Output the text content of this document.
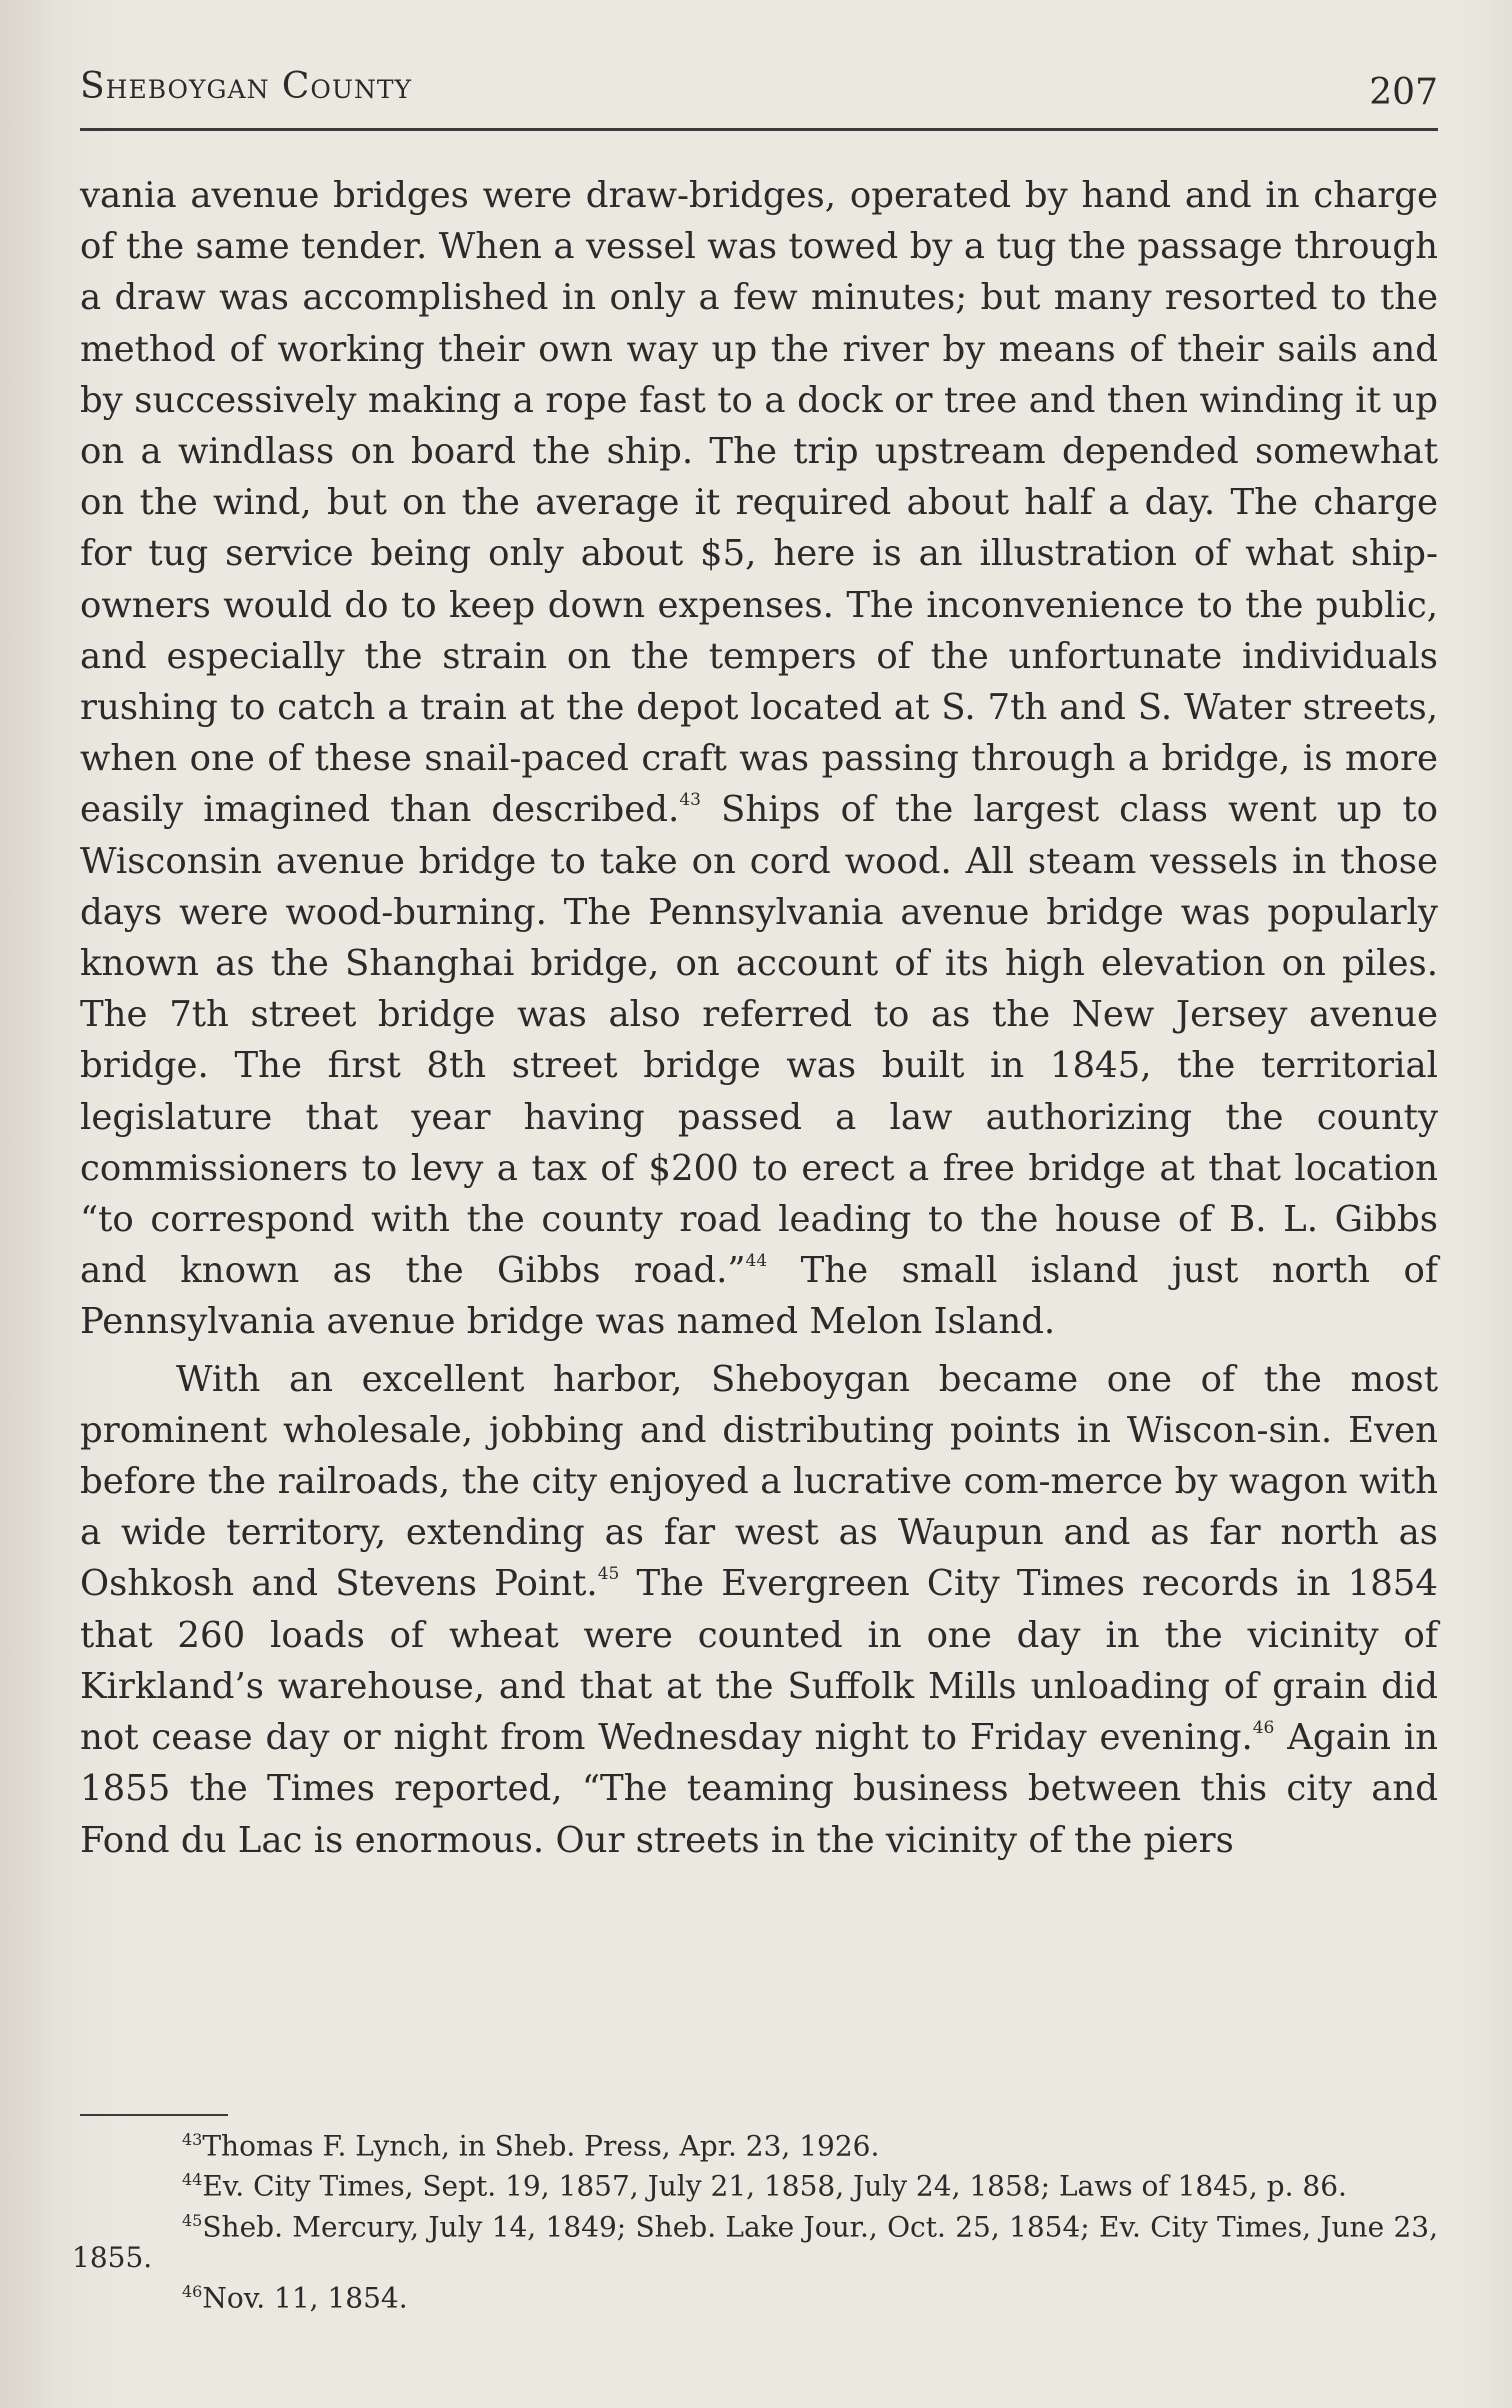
Sheboygan County	207

vania avenue bridges were draw-bridges, operated by hand and in charge of the same tender. When a vessel was towed by a tug the passage through a draw was accomplished in only a few minutes; but many resorted to the method of working their own way up the river by means of their sails and by successively making a rope fast to a dock or tree and then winding it up on a windlass on board the ship. The trip upstream depended somewhat on the wind, but on the average it required about half a day. The charge for tug service being only about $5, here is an illustration of what ship-owners would do to keep down expenses. The inconvenience to the public, and especially the strain on the tempers of the unfortunate individuals rushing to catch a train at the depot located at S. 7th and S. Water streets, when one of these snail-paced craft was passing through a bridge, is more easily imagined than described.$^{43}$ Ships of the largest class went up to Wisconsin avenue bridge to take on cord wood. All steam vessels in those days were wood-burning. The Pennsylvania avenue bridge was popularly known as the Shanghai bridge, on account of its high elevation on piles. The 7th street bridge was also referred to as the New Jersey avenue bridge. The first 8th street bridge was built in 1845, the territorial legislature that year having passed a law authorizing the county commissioners to levy a tax of $200 to erect a free bridge at that location “to correspond with the county road leading to the house of B. L. Gibbs and known as the Gibbs road.”$^{44}$ The small island just north of Pennsylvania avenue bridge was named Melon Island.

With an excellent harbor, Sheboygan became one of the most prominent wholesale, jobbing and distributing points in Wiscon-sin. Even before the railroads, the city enjoyed a lucrative com-merce by wagon with a wide territory, extending as far west as Waupun and as far north as Oshkosh and Stevens Point.$^{45}$ The Evergreen City Times records in 1854 that 260 loads of wheat were counted in one day in the vicinity of Kirkland’s warehouse, and that at the Suffolk Mills unloading of grain did not cease day or night from Wednesday night to Friday evening.$^{46}$ Again in 1855 the Times reported, “The teaming business between this city and Fond du Lac is enormous. Our streets in the vicinity of the piers

$^{43}$Thomas F. Lynch, in Sheb. Press, Apr. 23, 1926.

$^{44}$Ev. City Times, Sept. 19, 1857, July 21, 1858, July 24, 1858; Laws of 1845, p. 86.

$^{45}$Sheb. Mercury, July 14, 1849; Sheb. Lake Jour., Oct. 25, 1854; Ev. City Times, June 23, 1855.

$^{46}$Nov. 11, 1854.
